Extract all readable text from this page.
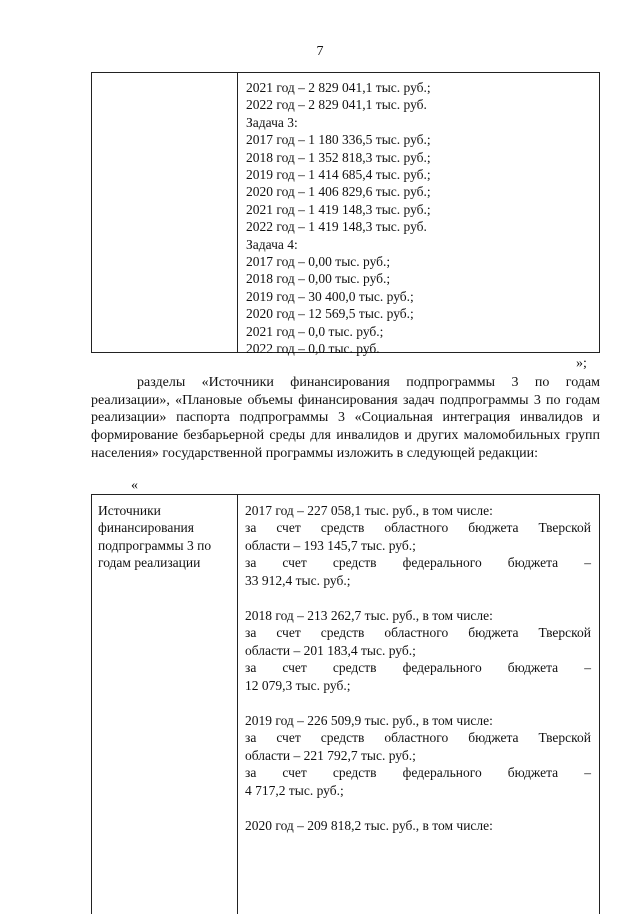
7
2021 год – 2 829 041,1 тыс. руб.;
2022 год – 2 829 041,1 тыс. руб.
Задача 3:
2017 год – 1 180 336,5 тыс. руб.;
2018 год – 1 352 818,3 тыс. руб.;
2019 год – 1 414 685,4 тыс. руб.;
2020 год – 1 406 829,6 тыс. руб.;
2021 год – 1 419 148,3 тыс. руб.;
2022 год – 1 419 148,3 тыс. руб.
Задача 4:
2017 год – 0,00 тыс. руб.;
2018 год – 0,00 тыс. руб.;
2019 год – 30 400,0 тыс. руб.;
2020 год – 12 569,5 тыс. руб.;
2021 год – 0,0 тыс. руб.;
2022 год – 0,0 тыс. руб.
»;
разделы «Источники финансирования подпрограммы 3 по годам реализации», «Плановые объемы финансирования задач подпрограммы 3 по годам реализации» паспорта подпрограммы 3 «Социальная интеграция инвалидов и формирование безбарьерной среды для инвалидов и других маломобильных групп населения» государственной программы изложить в следующей редакции:
«
Источники финансирования подпрограммы 3 по годам реализации
2017 год – 227 058,1 тыс. руб., в том числе:
за счет средств областного бюджета Тверской
области – 193 145,7 тыс. руб.;
за счет средств федерального бюджета –
33 912,4 тыс. руб.;
2018 год – 213 262,7 тыс. руб., в том числе:
за счет средств областного бюджета Тверской
области – 201 183,4 тыс. руб.;
за счет средств федерального бюджета –
12 079,3 тыс. руб.;
2019 год – 226 509,9 тыс. руб., в том числе:
за счет средств областного бюджета Тверской
области – 221 792,7 тыс. руб.;
за счет средств федерального бюджета –
4 717,2 тыс. руб.;
2020 год – 209 818,2 тыс. руб., в том числе:
